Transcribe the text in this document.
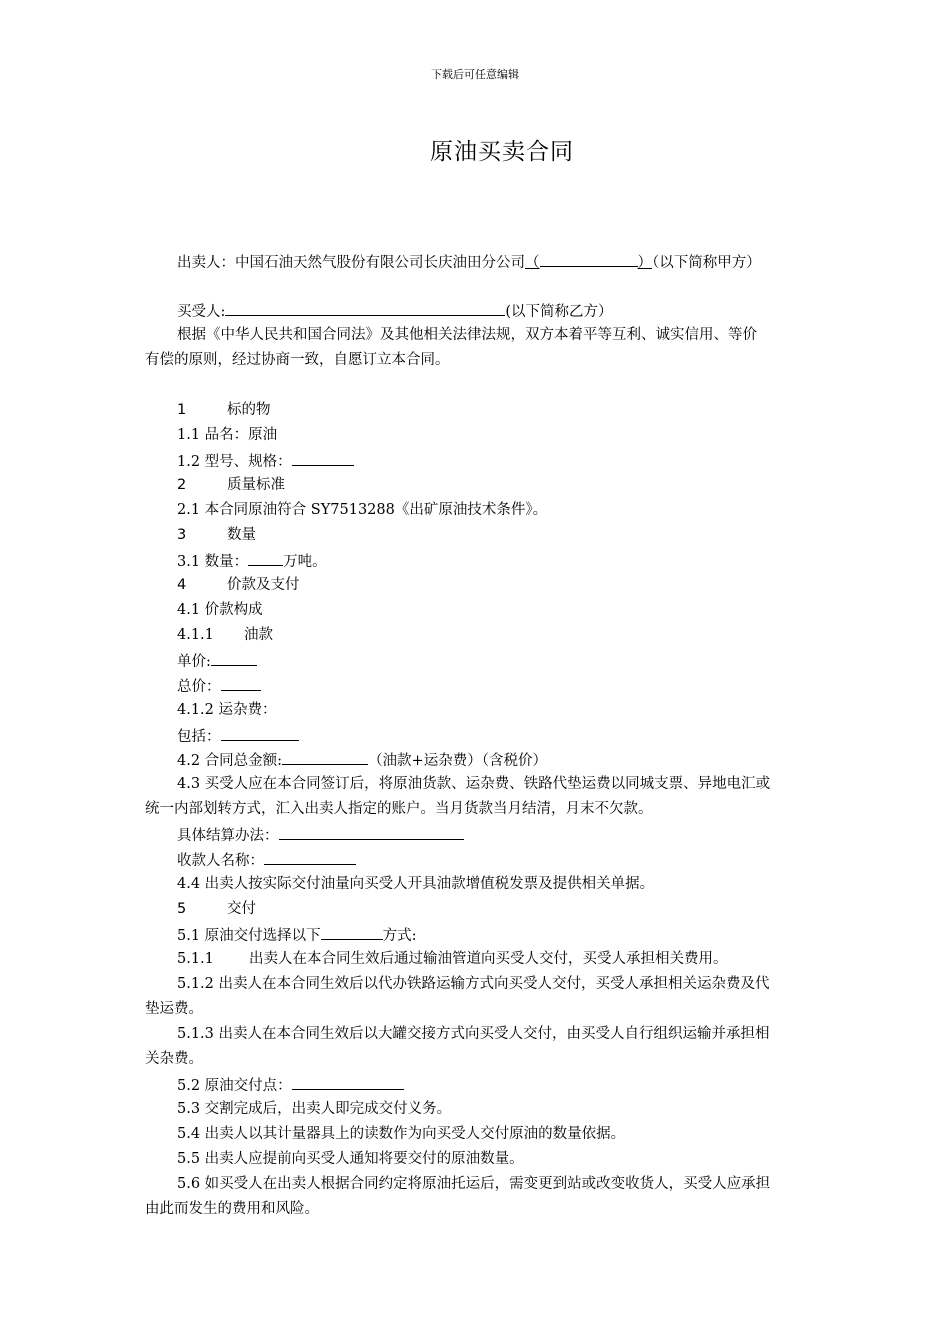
下载后可任意编辑
原油买卖合同
出卖人：中国石油天然气股份有限公司长庆油田分公司（	）（以下简称甲方）
买受人:	(以下简称乙方）
根据《中华人民共和国合同法》及其他相关法律法规，双方本着平等互利、诚实信用、等价
有偿的原则，经过协商一致，自愿订立本合同。
1	标的物
1.1 品名：原油
1.2 型号、规格：
2	质量标准
2.1 本合同原油符合 SY7513288《出矿原油技术条件》。
3	数量
3.1 数量： 万吨。
4	价款及支付
4.1 价款构成
4.1.1 油款
单价:
总价：
4.1.2 运杂费：
包括：
4.2 合同总金额:	（油款+运杂费）（含税价）
4.3 买受人应在本合同签订后，将原油货款、运杂费、铁路代垫运费以同城支票、异地电汇或
统一内部划转方式，汇入出卖人指定的账户。当月货款当月结清，月末不欠款。
具体结算办法：
收款人名称：
4.4 出卖人按实际交付油量向买受人开具油款增值税发票及提供相关单据。
5	交付
5.1 原油交付选择以下	方式:
5.1.1 出卖人在本合同生效后通过输油管道向买受人交付，买受人承担相关费用。
5.1.2 出卖人在本合同生效后以代办铁路运输方式向买受人交付，买受人承担相关运杂费及代
垫运费。
5.1.3 出卖人在本合同生效后以大罐交接方式向买受人交付，由买受人自行组织运输并承担相
关杂费。
5.2 原油交付点：
5.3 交割完成后，出卖人即完成交付义务。
5.4 出卖人以其计量器具上的读数作为向买受人交付原油的数量依据。
5.5 出卖人应提前向买受人通知将要交付的原油数量。
5.6 如买受人在出卖人根据合同约定将原油托运后，需变更到站或改变收货人，买受人应承担
由此而发生的费用和风险。
